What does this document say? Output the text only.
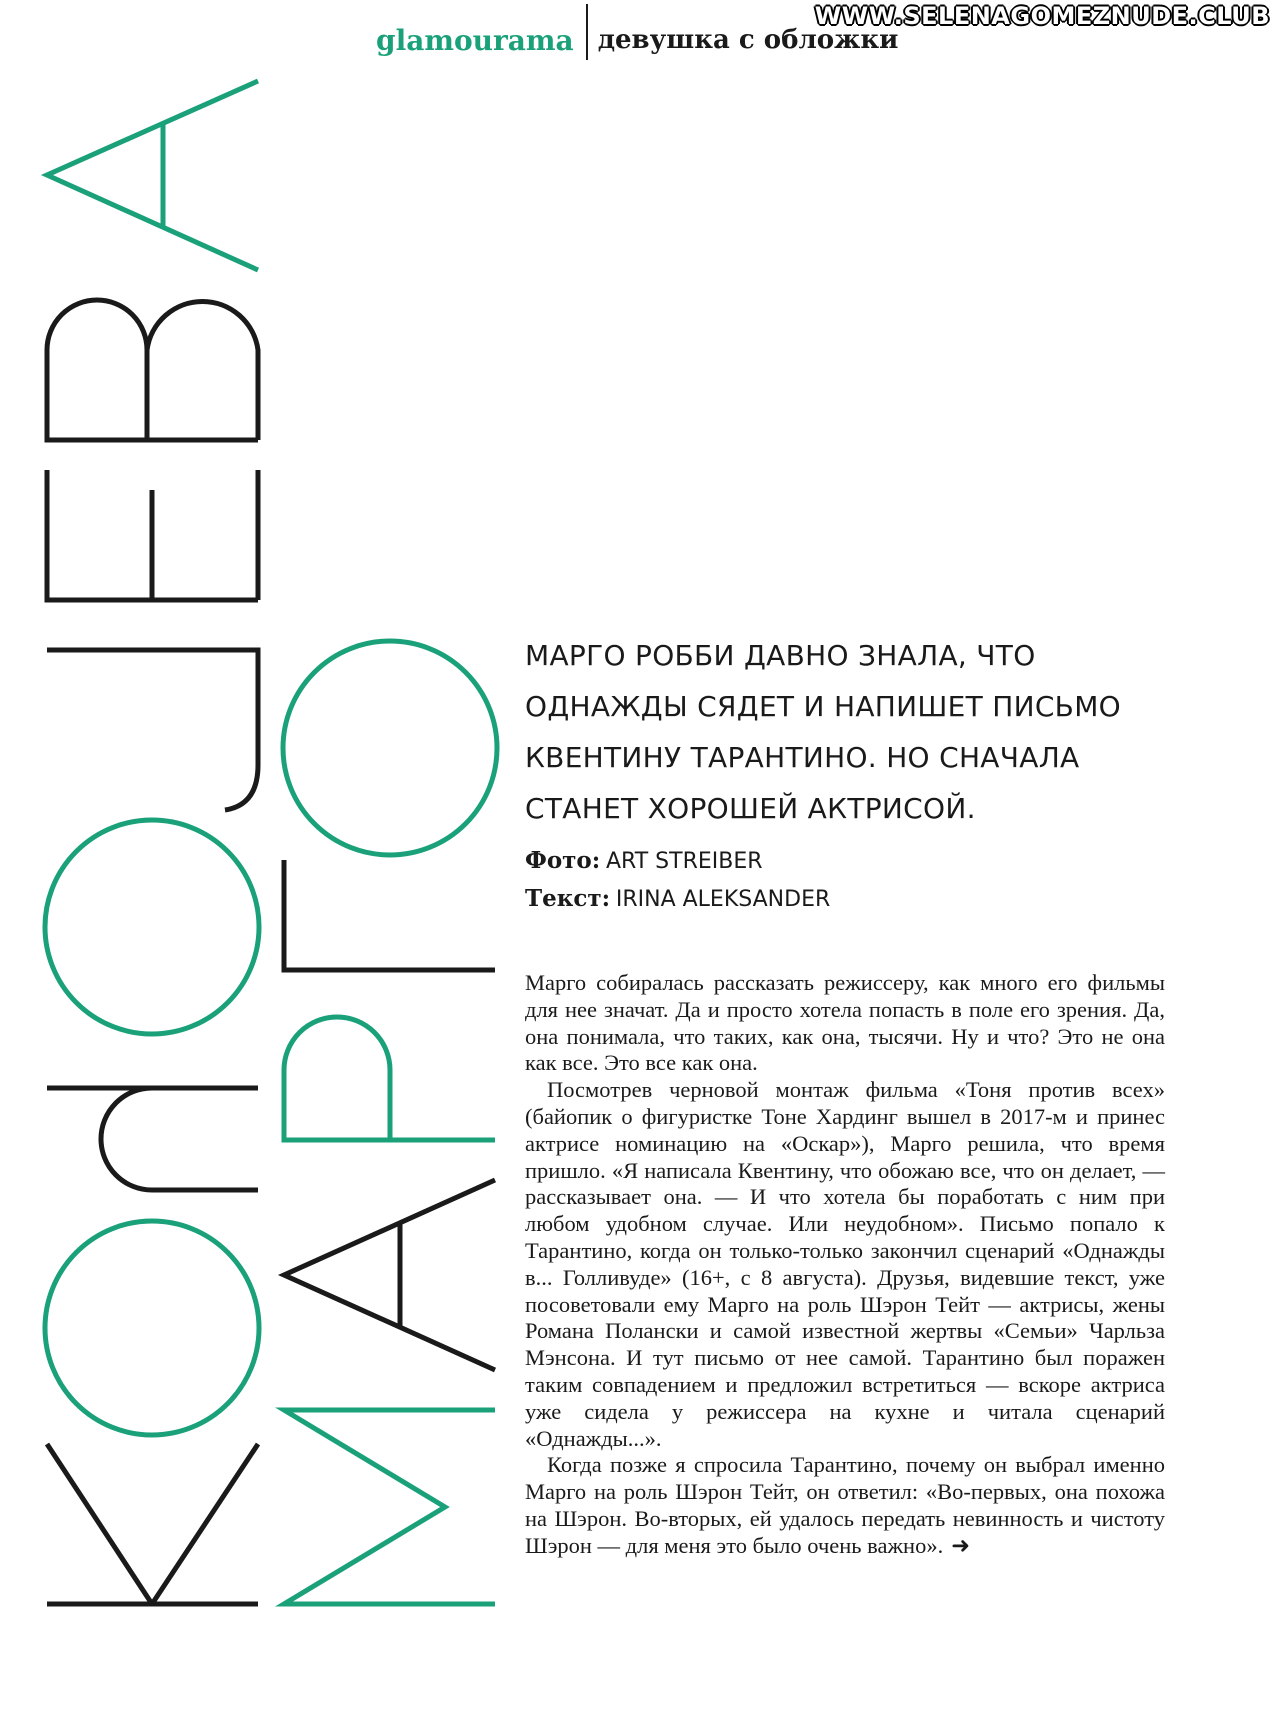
glamourama девушка с обложки
WWW.SELENAGOMEZNUDE.CLUB

МАРГО РОББИ ДАВНО ЗНАЛА, ЧТО ОДНАЖДЫ СЯДЕТ И НАПИШЕТ ПИСЬМО КВЕНТИНУ ТАРАНТИНО. НО СНАЧАЛА СТАНЕТ ХОРОШЕЙ АКТРИСОЙ.

Фото: ART STREIBER
Текст: IRINA ALEKSANDER

Марго собиралась рассказать режиссеру, как много его фильмы для нее значат. Да и просто хотела попасть в поле его зрения. Да, она понимала, что таких, как она, тысячи. Ну и что? Это не она как все. Это все как она.

Посмотрев черновой монтаж фильма «Тоня против всех» (байопик о фигуристке Тоне Хардинг вышел в 2017-м и принес актрисе номинацию на «Оскар»), Марго решила, что время пришло. «Я написала Квентину, что обожаю все, что он делает, — рассказывает она. — И что хотела бы поработать с ним при любом удобном случае. Или неудобном». Письмо попало к Тарантино, когда он только-только закончил сценарий «Однажды в... Голливуде» (16+, с 8 августа). Друзья, видевшие текст, уже посоветовали ему Марго на роль Шэрон Тейт — актрисы, жены Романа Полански и самой известной жертвы «Семьи» Чарльза Мэнсона. И тут письмо от нее самой. Тарантино был поражен таким совпадением и предложил встретиться — вскоре актриса уже сидела у режиссера на кухне и читала сценарий «Однажды...».

Когда позже я спросила Тарантино, почему он выбрал именно Марго на роль Шэрон Тейт, он ответил: «Во-первых, она похожа на Шэрон. Во-вторых, ей удалось передать невинность и чистоту Шэрон — для меня это было очень важно». ➜
